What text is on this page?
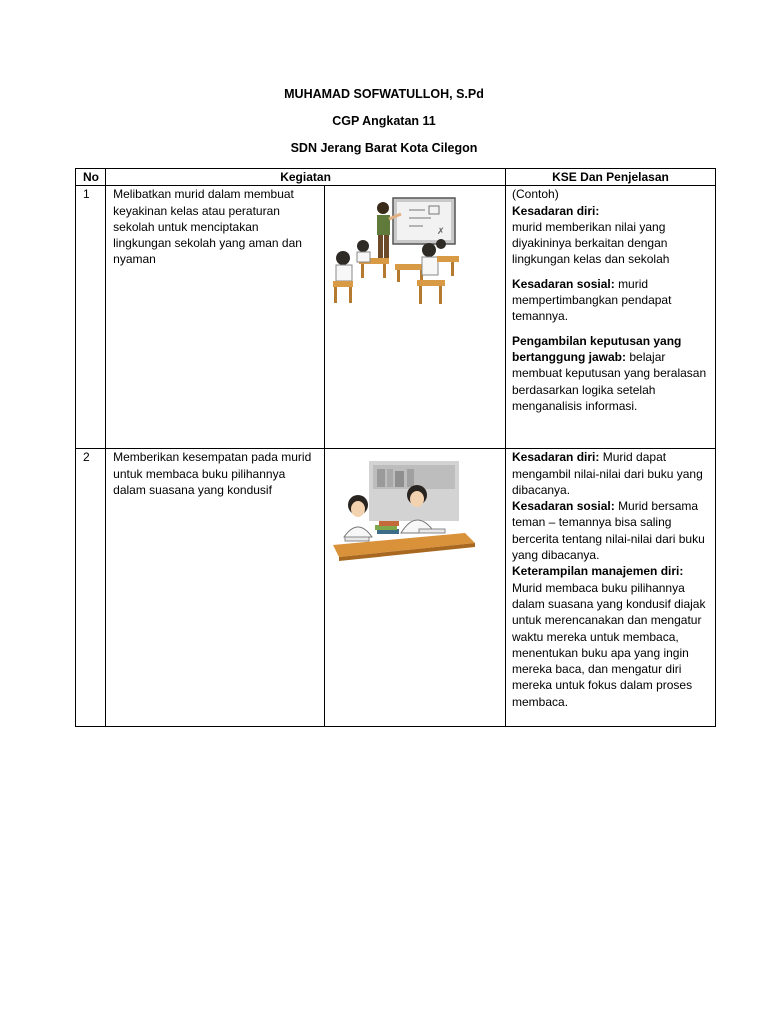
MUHAMAD SOFWATULLOH, S.Pd
CGP Angkatan 11
SDN Jerang Barat Kota Cilegon
No	Kegiatan		KSE Dan Penjelasan
1	Melibatkan murid dalam membuat keyakinan kelas atau peraturan sekolah untuk menciptakan lingkungan sekolah yang aman dan nyaman	✗	(Contoh)
Kesadaran diri:
murid memberikan nilai yang diyakininya berkaitan dengan lingkungan kelas dan sekolah
Kesadaran sosial: murid mempertimbangkan pendapat temannya.
Pengambilan keputusan yang bertanggung jawab: belajar membuat keputusan yang beralasan berdasarkan logika setelah menganalisis informasi.

2	Memberikan kesempatan pada murid untuk membaca buku pilihannya dalam suasana yang kondusif		Kesadaran diri: Murid dapat mengambil nilai-nilai dari buku yang dibacanya.
Kesadaran sosial: Murid bersama teman – temannya bisa saling bercerita tentang nilai-nilai dari buku yang dibacanya.
Keterampilan manajemen diri:
Murid membaca buku pilihannya dalam suasana yang kondusif diajak untuk merencanakan dan mengatur waktu mereka untuk membaca, menentukan buku apa yang ingin mereka baca, dan mengatur diri mereka untuk fokus dalam proses membaca.
